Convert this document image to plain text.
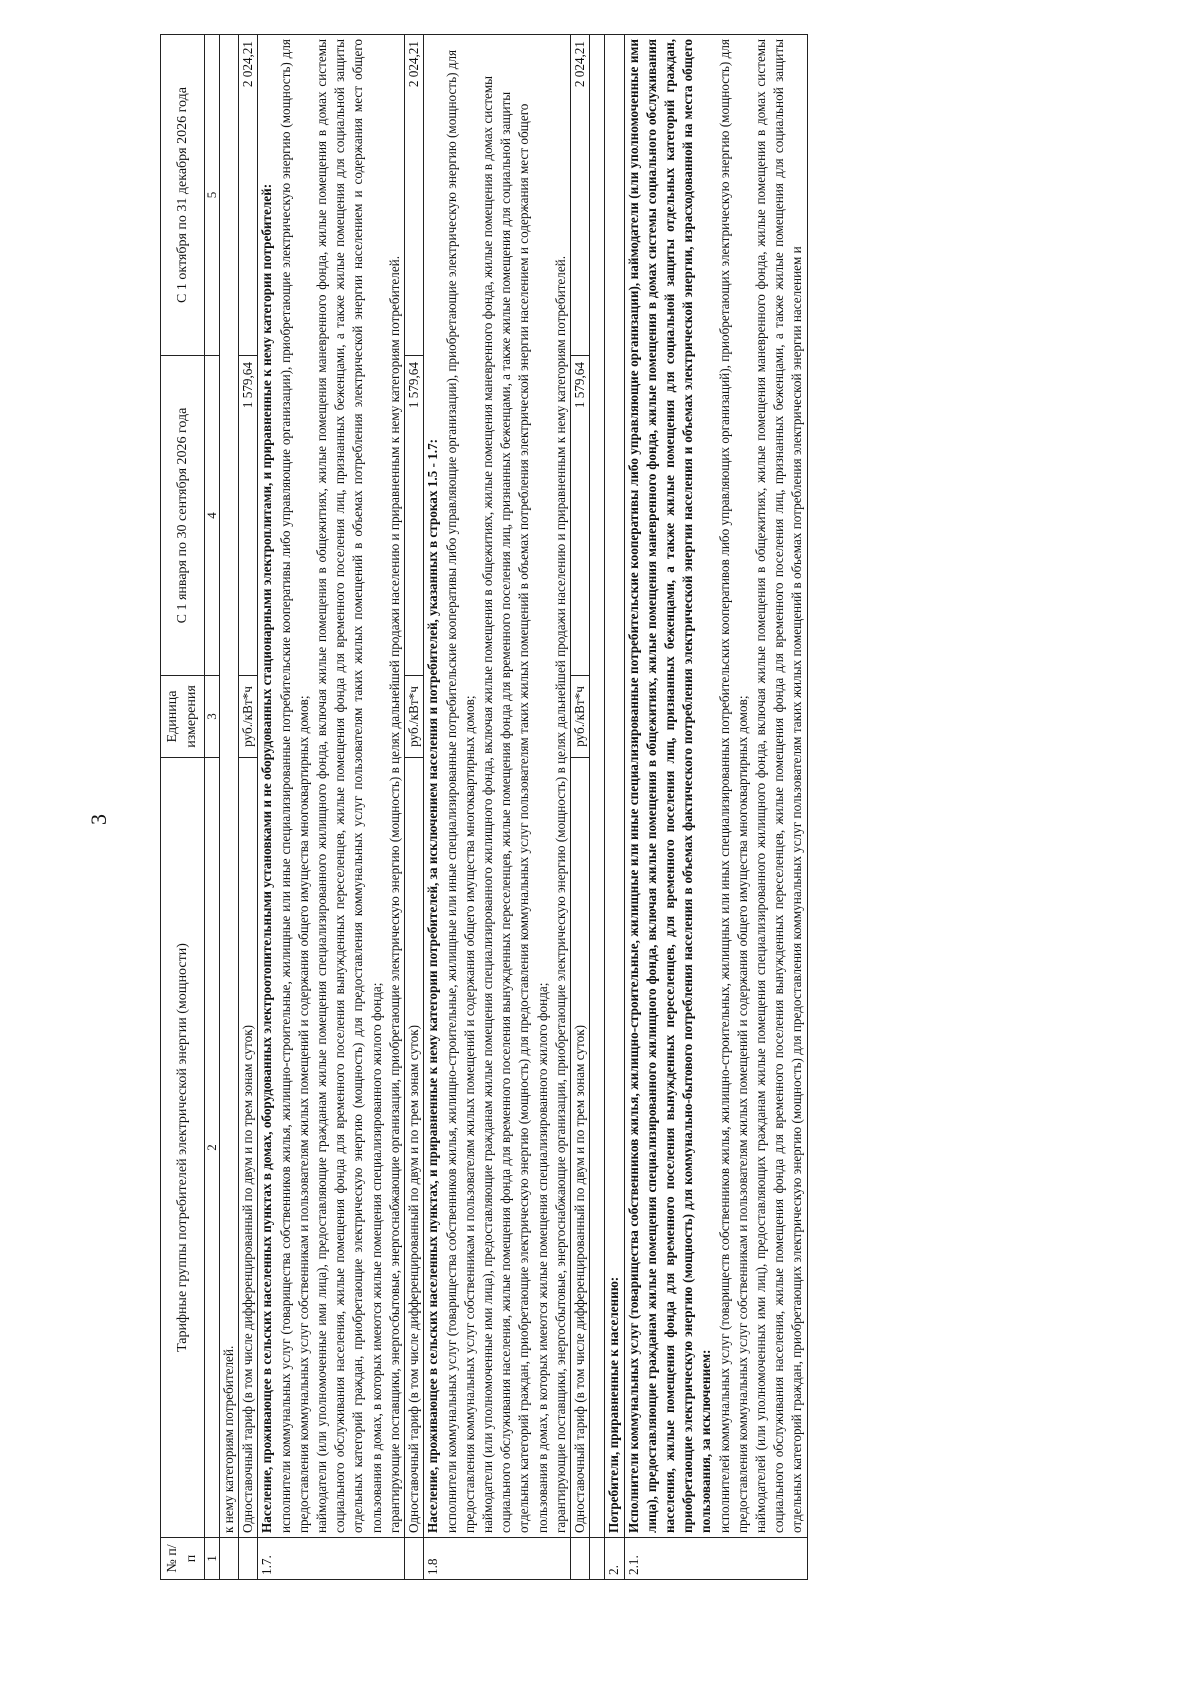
3
№ п/п	Тарифные группы потребителей электрической энергии (мощности)	Единица измерения	С 1 января по 30 сентября 2026 года	С 1 октября по 31 декабря 2026 года
1	2	3	4	5
	к нему категориям потребителей.			
	Одноставочный тариф (в том числе дифференцированный по двум и по трем зонам суток)	руб./кВт*ч	1 579,64	2 024,21
1.7.	Население, проживающее в сельских населенных пунктах в домах, оборудованных электроотопительными установками и не оборудованных стационарными электроплитами, и приравненные к нему категории потребителей: исполнители коммунальных услуг (товарищества собственников жилья, жилищно-строительные, жилищные или иные специализированные потребительские кооперативы либо управляющие организации), приобретающие электрическую энергию (мощность) для предоставления коммунальных услуг собственникам и пользователям жилых помещений и содержания общего имущества многоквартирных домов; наймодатели (или уполномоченные ими лица), предоставляющие гражданам жилые помещения специализированного жилищного фонда, включая жилые помещения в общежитиях, жилые помещения маневренного фонда, жилые помещения в домах системы социального обслуживания населения, жилые помещения фонда для временного поселения вынужденных переселенцев, жилые помещения фонда для временного поселения лиц, признанных беженцами, а также жилые помещения для социальной защиты отдельных категорий граждан, приобретающие электрическую энергию (мощность) для предоставления коммунальных услуг пользователям таких жилых помещений в объемах потребления электрической энергии населением и содержания мест общего пользования в домах, в которых имеются жилые помещения специализированного жилого фонда; гарантирующие поставщики, энергосбытовые, энергоснабжающие организации, приобретающие электрическую энергию (мощность) в целях дальнейшей продажи населению и приравненным к нему категориям потребителей.			

	Одноставочный тариф (в том числе дифференцированный по двум и по трем зонам суток)	руб./кВт*ч	1 579,64	2 024,21
1.8	Население, проживающее в сельских населенных пунктах, и приравненные к нему категории потребителей, за исключением населения и потребителей, указанных в строках 1.5 - 1.7: исполнители коммунальных услуг (товарищества собственников жилья, жилищно-строительные, жилищные или иные специализированные потребительские кооперативы либо управляющие организации), приобретающие электрическую энергию (мощность) для предоставления коммунальных услуг собственникам и пользователям жилых помещений и содержания общего имущества многоквартирных домов; наймодатели (или уполномоченные ими лица), предоставляющие гражданам жилые помещения специализированного жилищного фонда, включая жилые помещения в общежитиях, жилые помещения маневренного фонда, жилые помещения в домах системы социального обслуживания населения, жилые помещения фонда для временного поселения вынужденных переселенцев, жилые помещения фонда для временного поселения лиц, признанных беженцами, а также жилые помещения для социальной защиты отдельных категорий граждан, приобретающие электрическую энергию (мощность) для предоставления коммунальных услуг пользователям таких жилых помещений в объемах потребления электрической энергии населением и содержания мест общего пользования в домах, в которых имеются жилые помещения специализированного жилого фонда; гарантирующие поставщики, энергосбытовые, энергоснабжающие организации, приобретающие электрическую энергию (мощность) в целях дальнейшей продажи населению и приравненным к нему категориям потребителей.			

	Одноставочный тариф (в том числе дифференцированный по двум и по трем зонам суток)	руб./кВт*ч	1 579,64	2 024,21

2.	Потребители, приравненные к населению:			
2.1.	Исполнители коммунальных услуг (товарищества собственников жилья, жилищно-строительные, жилищные или иные специализированные потребительские кооперативы либо управляющие организации), наймодатели (или уполномоченные ими лица), предоставляющие гражданам жилые помещения специализированного жилищного фонда, включая жилые помещения в общежитиях, жилые помещения маневренного фонда, жилые помещения в домах системы социального обслуживания населения, жилые помещения фонда для временного поселения вынужденных переселенцев, для временного поселения лиц, признанных беженцами, а также жилые помещения для социальной защиты отдельных категорий граждан, приобретающие электрическую энергию (мощность) для коммунально-бытового потребления населения в объемах фактического потребления электрической энергии населения и объемах электрической энергии, израсходованной на места общего пользования, за исключением: исполнителей коммунальных услуг (товариществ собственников жилья, жилищно-строительных, жилищных или иных специализированных потребительских кооперативов либо управляющих организаций), приобретающих электрическую энергию (мощность) для предоставления коммунальных услуг собственникам и пользователям жилых помещений и содержания общего имущества многоквартирных домов; наймодателей (или уполномоченных ими лиц), предоставляющих гражданам жилые помещения специализированного жилищного фонда, включая жилые помещения в общежитиях, жилые помещения маневренного фонда, жилые помещения в домах системы социального обслуживания населения, жилые помещения фонда для временного поселения вынужденных переселенцев, жилые помещения фонда для временного поселения лиц, признанных беженцами, а также жилые помещения для социальной защиты отдельных категорий граждан, приобретающих электрическую энергию (мощность) для предоставления коммунальных услуг пользователям таких жилых помещений в объемах потребления электрической энергии населением и			
